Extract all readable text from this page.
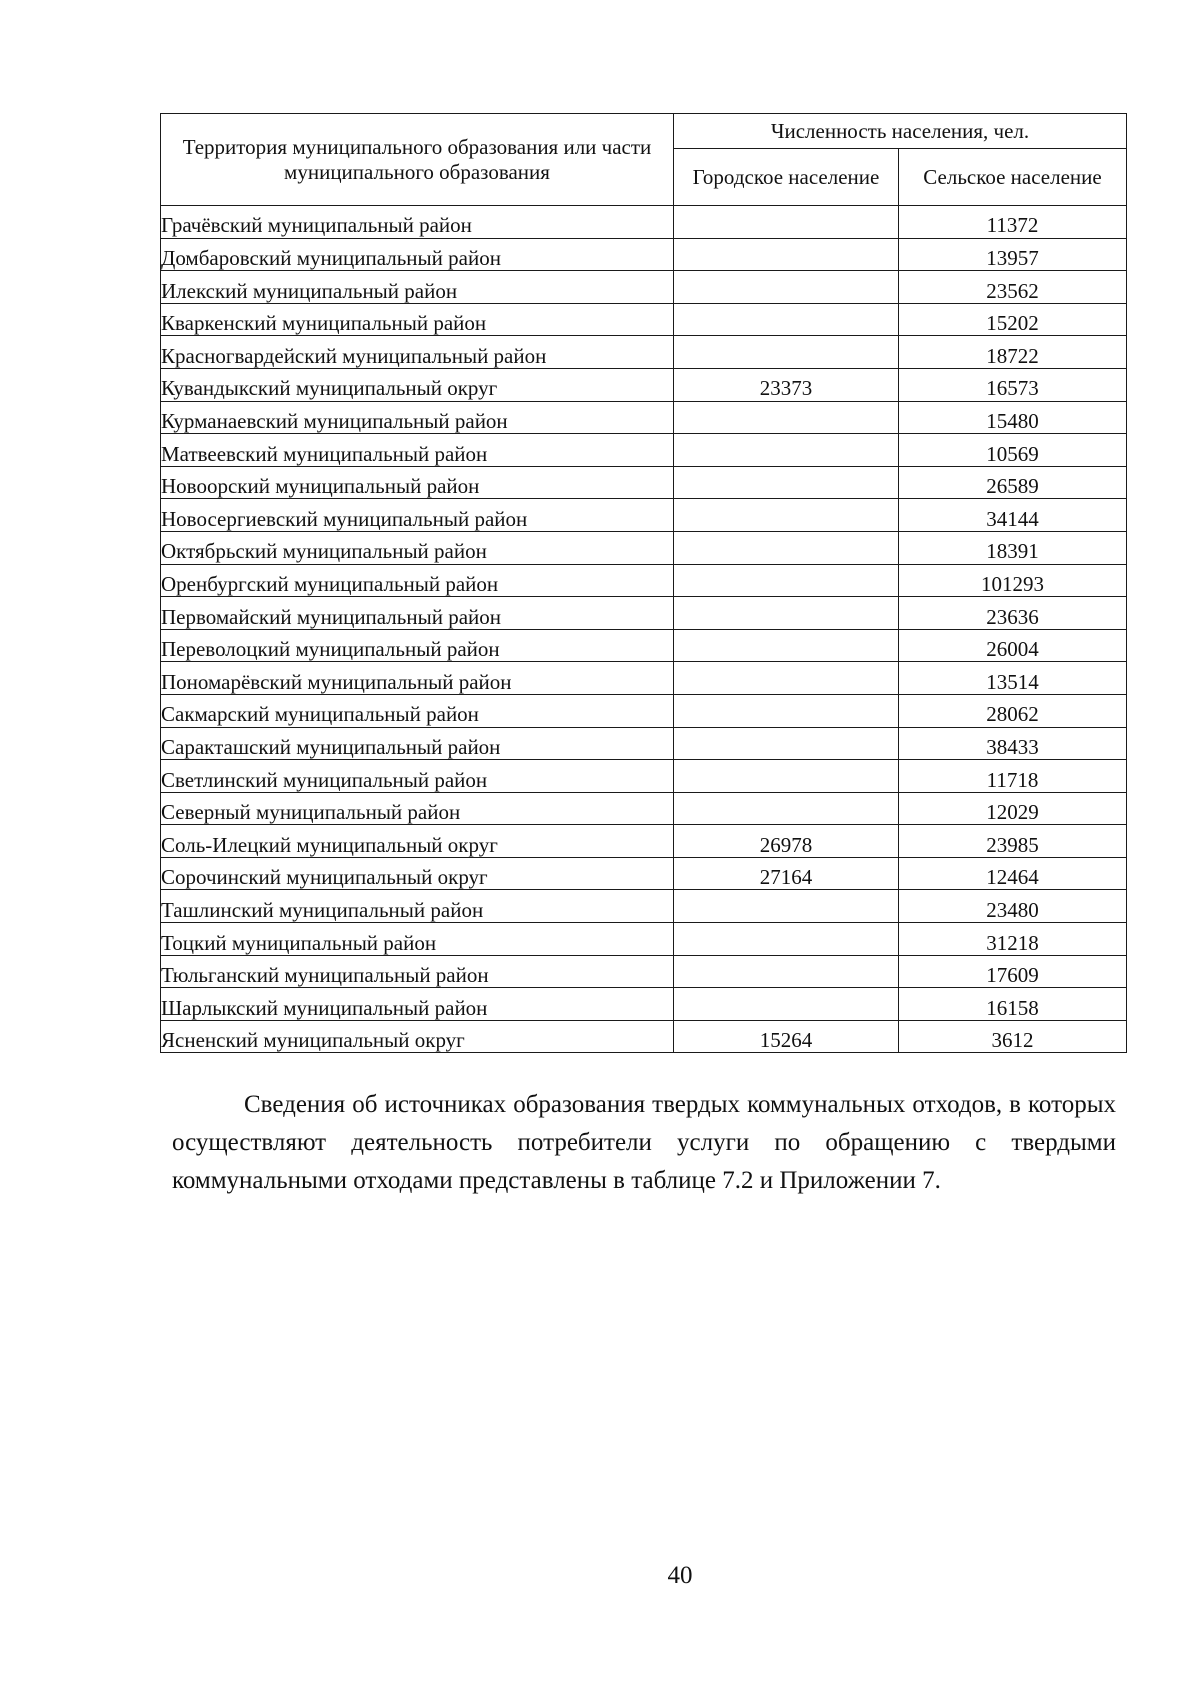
Территория муниципального образования или части муниципального образования	Численность населения, чел.	
	Городское население	Сельское население
Грачёвский муниципальный район		11372
Домбаровский муниципальный район		13957
Илекский муниципальный район		23562
Кваркенский муниципальный район		15202
Красногвардейский муниципальный район		18722
Кувандыкский муниципальный округ	23373	16573
Курманаевский муниципальный район		15480
Матвеевский муниципальный район		10569
Новоорский муниципальный район		26589
Новосергиевский муниципальный район		34144
Октябрьский муниципальный район		18391
Оренбургский муниципальный район		101293
Первомайский муниципальный район		23636
Переволоцкий муниципальный район		26004
Пономарёвский муниципальный район		13514
Сакмарский муниципальный район		28062
Саракташский муниципальный район		38433
Светлинский муниципальный район		11718
Северный муниципальный район		12029
Соль-Илецкий муниципальный округ	26978	23985
Сорочинский муниципальный округ	27164	12464
Ташлинский муниципальный район		23480
Тоцкий муниципальный район		31218
Тюльганский муниципальный район		17609
Шарлыкский муниципальный район		16158
Ясненский муниципальный округ	15264	3612

Сведения об источниках образования твердых коммунальных отходов, в которых осуществляют деятельность потребители услуги по обращению с твердыми коммунальными отходами представлены в таблице 7.2 и Приложении 7.

40
